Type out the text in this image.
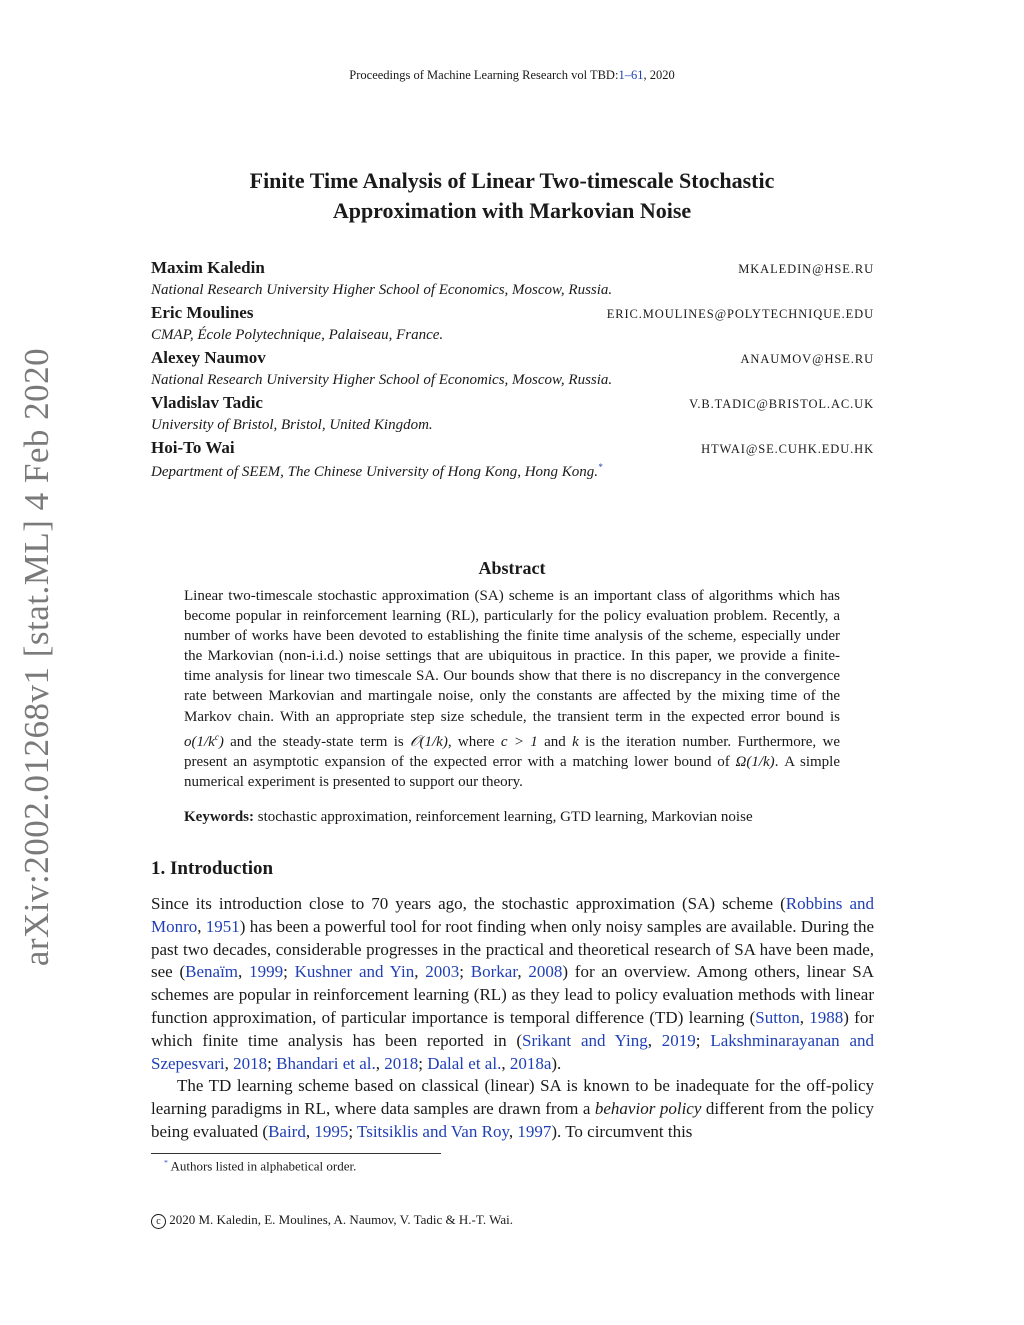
Proceedings of Machine Learning Research vol TBD:1–61, 2020
arXiv:2002.01268v1 [stat.ML] 4 Feb 2020
Finite Time Analysis of Linear Two-timescale Stochastic
Approximation with Markovian Noise
Maxim Kaledin	MKALEDIN@HSE.RU
National Research University Higher School of Economics, Moscow, Russia.
Eric Moulines	ERIC.MOULINES@POLYTECHNIQUE.EDU
CMAP, École Polytechnique, Palaiseau, France.
Alexey Naumov	ANAUMOV@HSE.RU
National Research University Higher School of Economics, Moscow, Russia.
Vladislav Tadic	V.B.TADIC@BRISTOL.AC.UK
University of Bristol, Bristol, United Kingdom.
Hoi-To Wai	HTWAI@SE.CUHK.EDU.HK
Department of SEEM, The Chinese University of Hong Kong, Hong Kong.*
Abstract
Linear two-timescale stochastic approximation (SA) scheme is an important class of algorithms which has become popular in reinforcement learning (RL), particularly for the policy evaluation problem. Recently, a number of works have been devoted to establishing the finite time analysis of the scheme, especially under the Markovian (non-i.i.d.) noise settings that are ubiquitous in practice. In this paper, we provide a finite-time analysis for linear two timescale SA. Our bounds show that there is no discrepancy in the convergence rate between Markovian and martingale noise, only the constants are affected by the mixing time of the Markov chain. With an appropriate step size schedule, the transient term in the expected error bound is $o(1/k^c)$ and the steady-state term is 𝒪(1/k), where c > 1 and k is the iteration number. Furthermore, we present an asymptotic expansion of the expected error with a matching lower bound of Ω(1/k). A simple numerical experiment is presented to support our theory.
Keywords: stochastic approximation, reinforcement learning, GTD learning, Markovian noise
1. Introduction
Since its introduction close to 70 years ago, the stochastic approximation (SA) scheme (Robbins and Monro, 1951) has been a powerful tool for root finding when only noisy samples are available. During the past two decades, considerable progresses in the practical and theoretical research of SA have been made, see (Benaïm, 1999; Kushner and Yin, 2003; Borkar, 2008) for an overview. Among others, linear SA schemes are popular in reinforcement learning (RL) as they lead to policy evaluation methods with linear function approximation, of particular importance is temporal difference (TD) learning (Sutton, 1988) for which finite time analysis has been reported in (Srikant and Ying, 2019; Lakshminarayanan and Szepesvari, 2018; Bhandari et al., 2018; Dalal et al., 2018a).
The TD learning scheme based on classical (linear) SA is known to be inadequate for the off-policy learning paradigms in RL, where data samples are drawn from a behavior policy different from the policy being evaluated (Baird, 1995; Tsitsiklis and Van Roy, 1997). To circumvent this
* Authors listed in alphabetical order.
c 2020 M. Kaledin, E. Moulines, A. Naumov, V. Tadic & H.-T. Wai.
